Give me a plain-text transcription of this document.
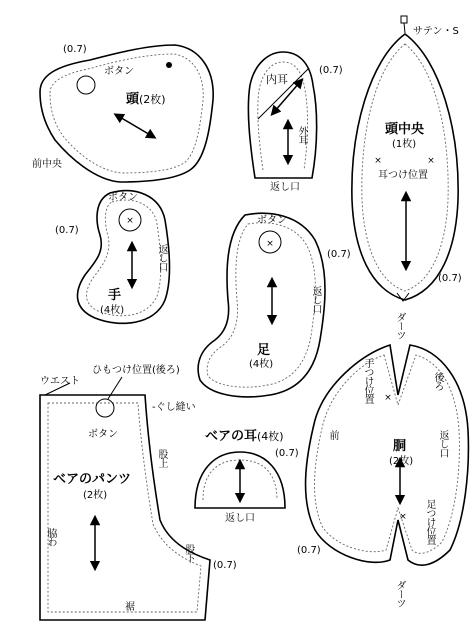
×	×
×
×
×
×
(0.7)
ボタン
頭(2枚)
前中央
内耳
(0.7)
外耳
返し口
サテン・S
頭中央
(1枚)
耳つけ位置
(0.7)
ボタン
(0.7)
返し口
手
(4枚)
ボタン
(0.7)
返し口
足
(4枚)
ひもつけ位置(後ろ)
ウエスト
-ぐし縫い
ボタン
股上
ベアのパンツ
(2枚)
脇わ
股下
(0.7)
裾
ベアの耳(4枚)
(0.7)
返し口
ダーツ
手つけ位置	後ろ
前
胴
(2枚)
返し口
足つけ位置
(0.7)
ダーツ
